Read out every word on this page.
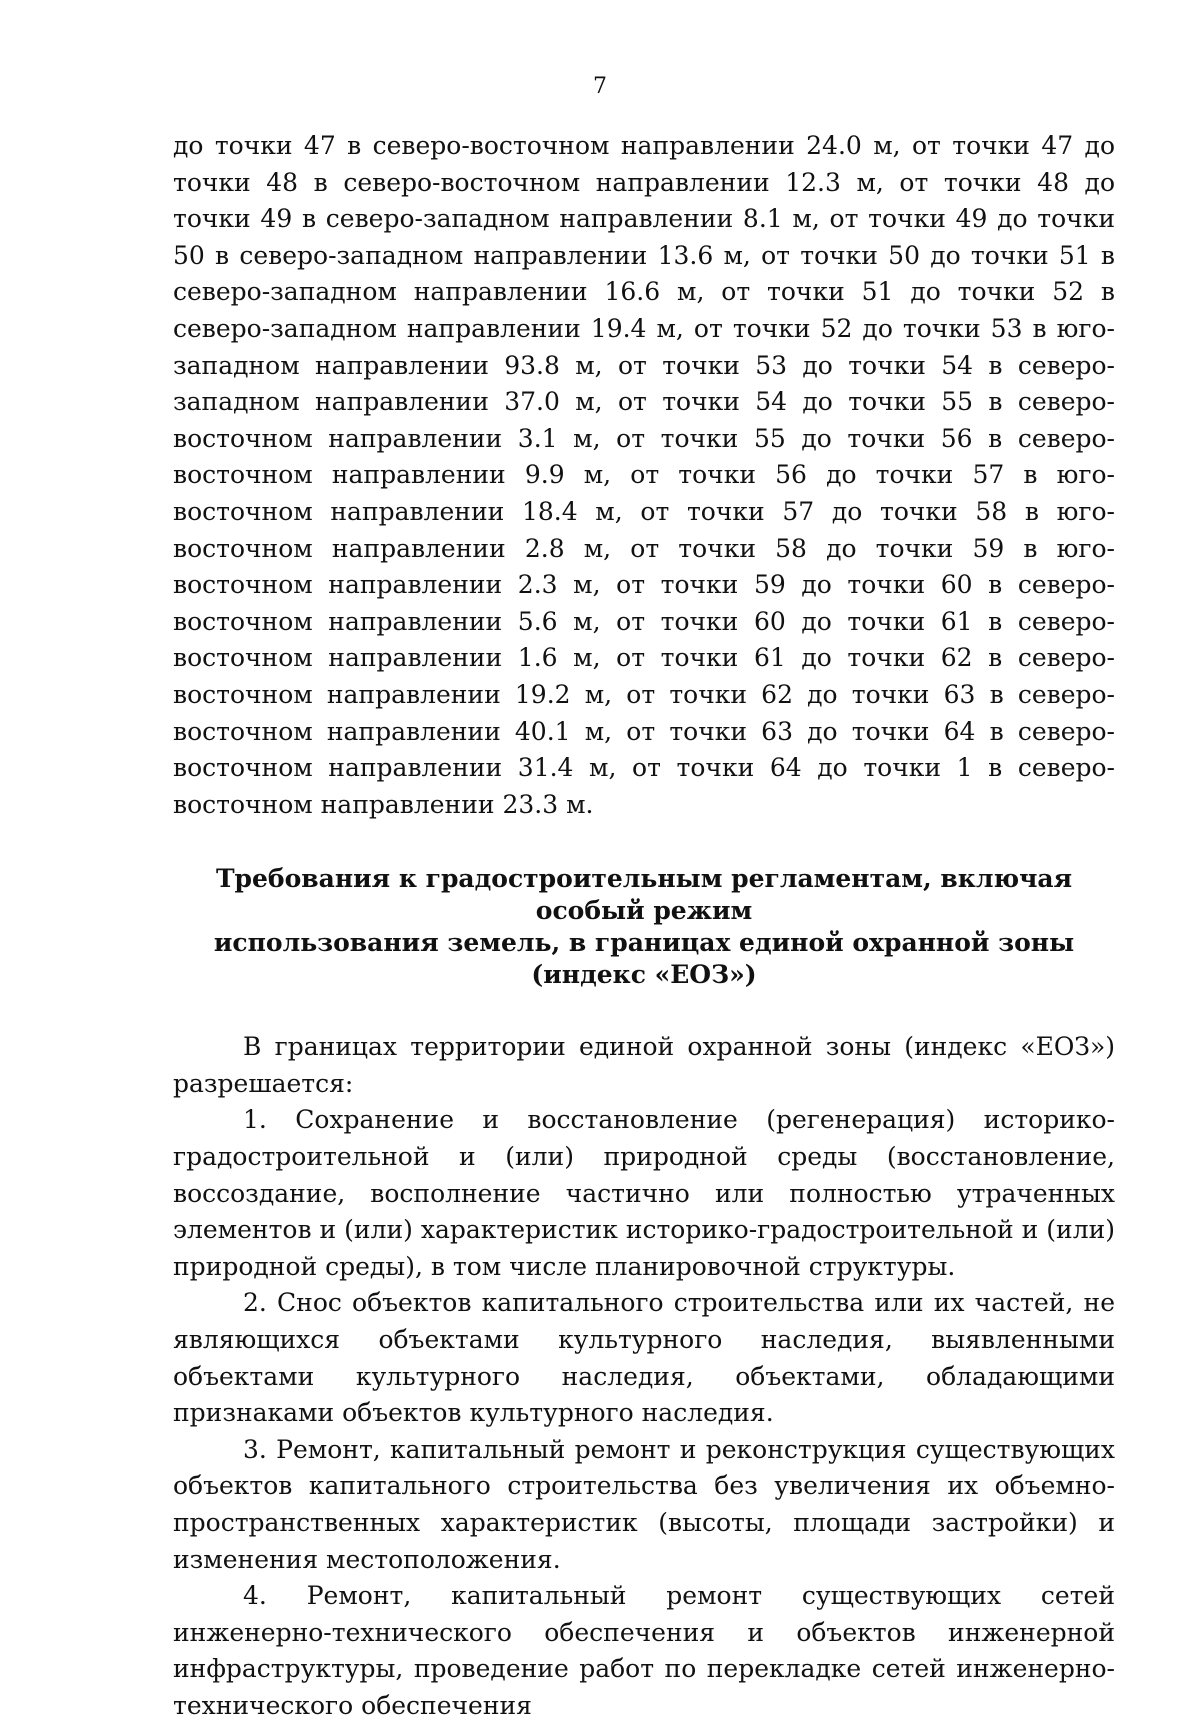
7

до точки 47 в северо-восточном направлении 24.0 м, от точки 47 до точки 48 в северо-восточном направлении 12.3 м, от точки 48 до точки 49 в северо-западном направлении 8.1 м, от точки 49 до точки 50 в северо-западном направлении 13.6 м, от точки 50 до точки 51 в северо-западном направлении 16.6 м, от точки 51 до точки 52 в северо-западном направлении 19.4 м, от точки 52 до точки 53 в юго-западном направлении 93.8 м, от точки 53 до точки 54 в северо-западном направлении 37.0 м, от точки 54 до точки 55 в северо-восточном направлении 3.1 м, от точки 55 до точки 56 в северо-восточном направлении 9.9 м, от точки 56 до точки 57 в юго-восточном направлении 18.4 м, от точки 57 до точки 58 в юго-восточном направлении 2.8 м, от точки 58 до точки 59 в юго-восточном направлении 2.3 м, от точки 59 до точки 60 в северо-восточном направлении 5.6 м, от точки 60 до точки 61 в северо-восточном направлении 1.6 м, от точки 61 до точки 62 в северо-восточном направлении 19.2 м, от точки 62 до точки 63 в северо-восточном направлении 40.1 м, от точки 63 до точки 64 в северо-восточном направлении 31.4 м, от точки 64 до точки 1 в северо-восточном направлении 23.3 м.

Требования к градостроительным регламентам, включая особый режим
использования земель, в границах единой охранной зоны
(индекс «ЕОЗ»)

В границах территории единой охранной зоны (индекс «ЕОЗ») разрешается:

1. Сохранение и восстановление (регенерация) историко-градостроительной и (или) природной среды (восстановление, воссоздание, восполнение частично или полностью утраченных элементов и (или) характеристик историко-градостроительной и (или) природной среды), в том числе планировочной структуры.

2. Снос объектов капитального строительства или их частей, не являющихся объектами культурного наследия, выявленными объектами культурного наследия, объектами, обладающими признаками объектов культурного наследия.

3. Ремонт, капитальный ремонт и реконструкция существующих объектов капитального строительства без увеличения их объемно-пространственных характеристик (высоты, площади застройки) и изменения местоположения.

4. Ремонт, капитальный ремонт существующих сетей инженерно-технического обеспечения и объектов инженерной инфраструктуры, проведение работ по перекладке сетей инженерно-технического обеспечения
